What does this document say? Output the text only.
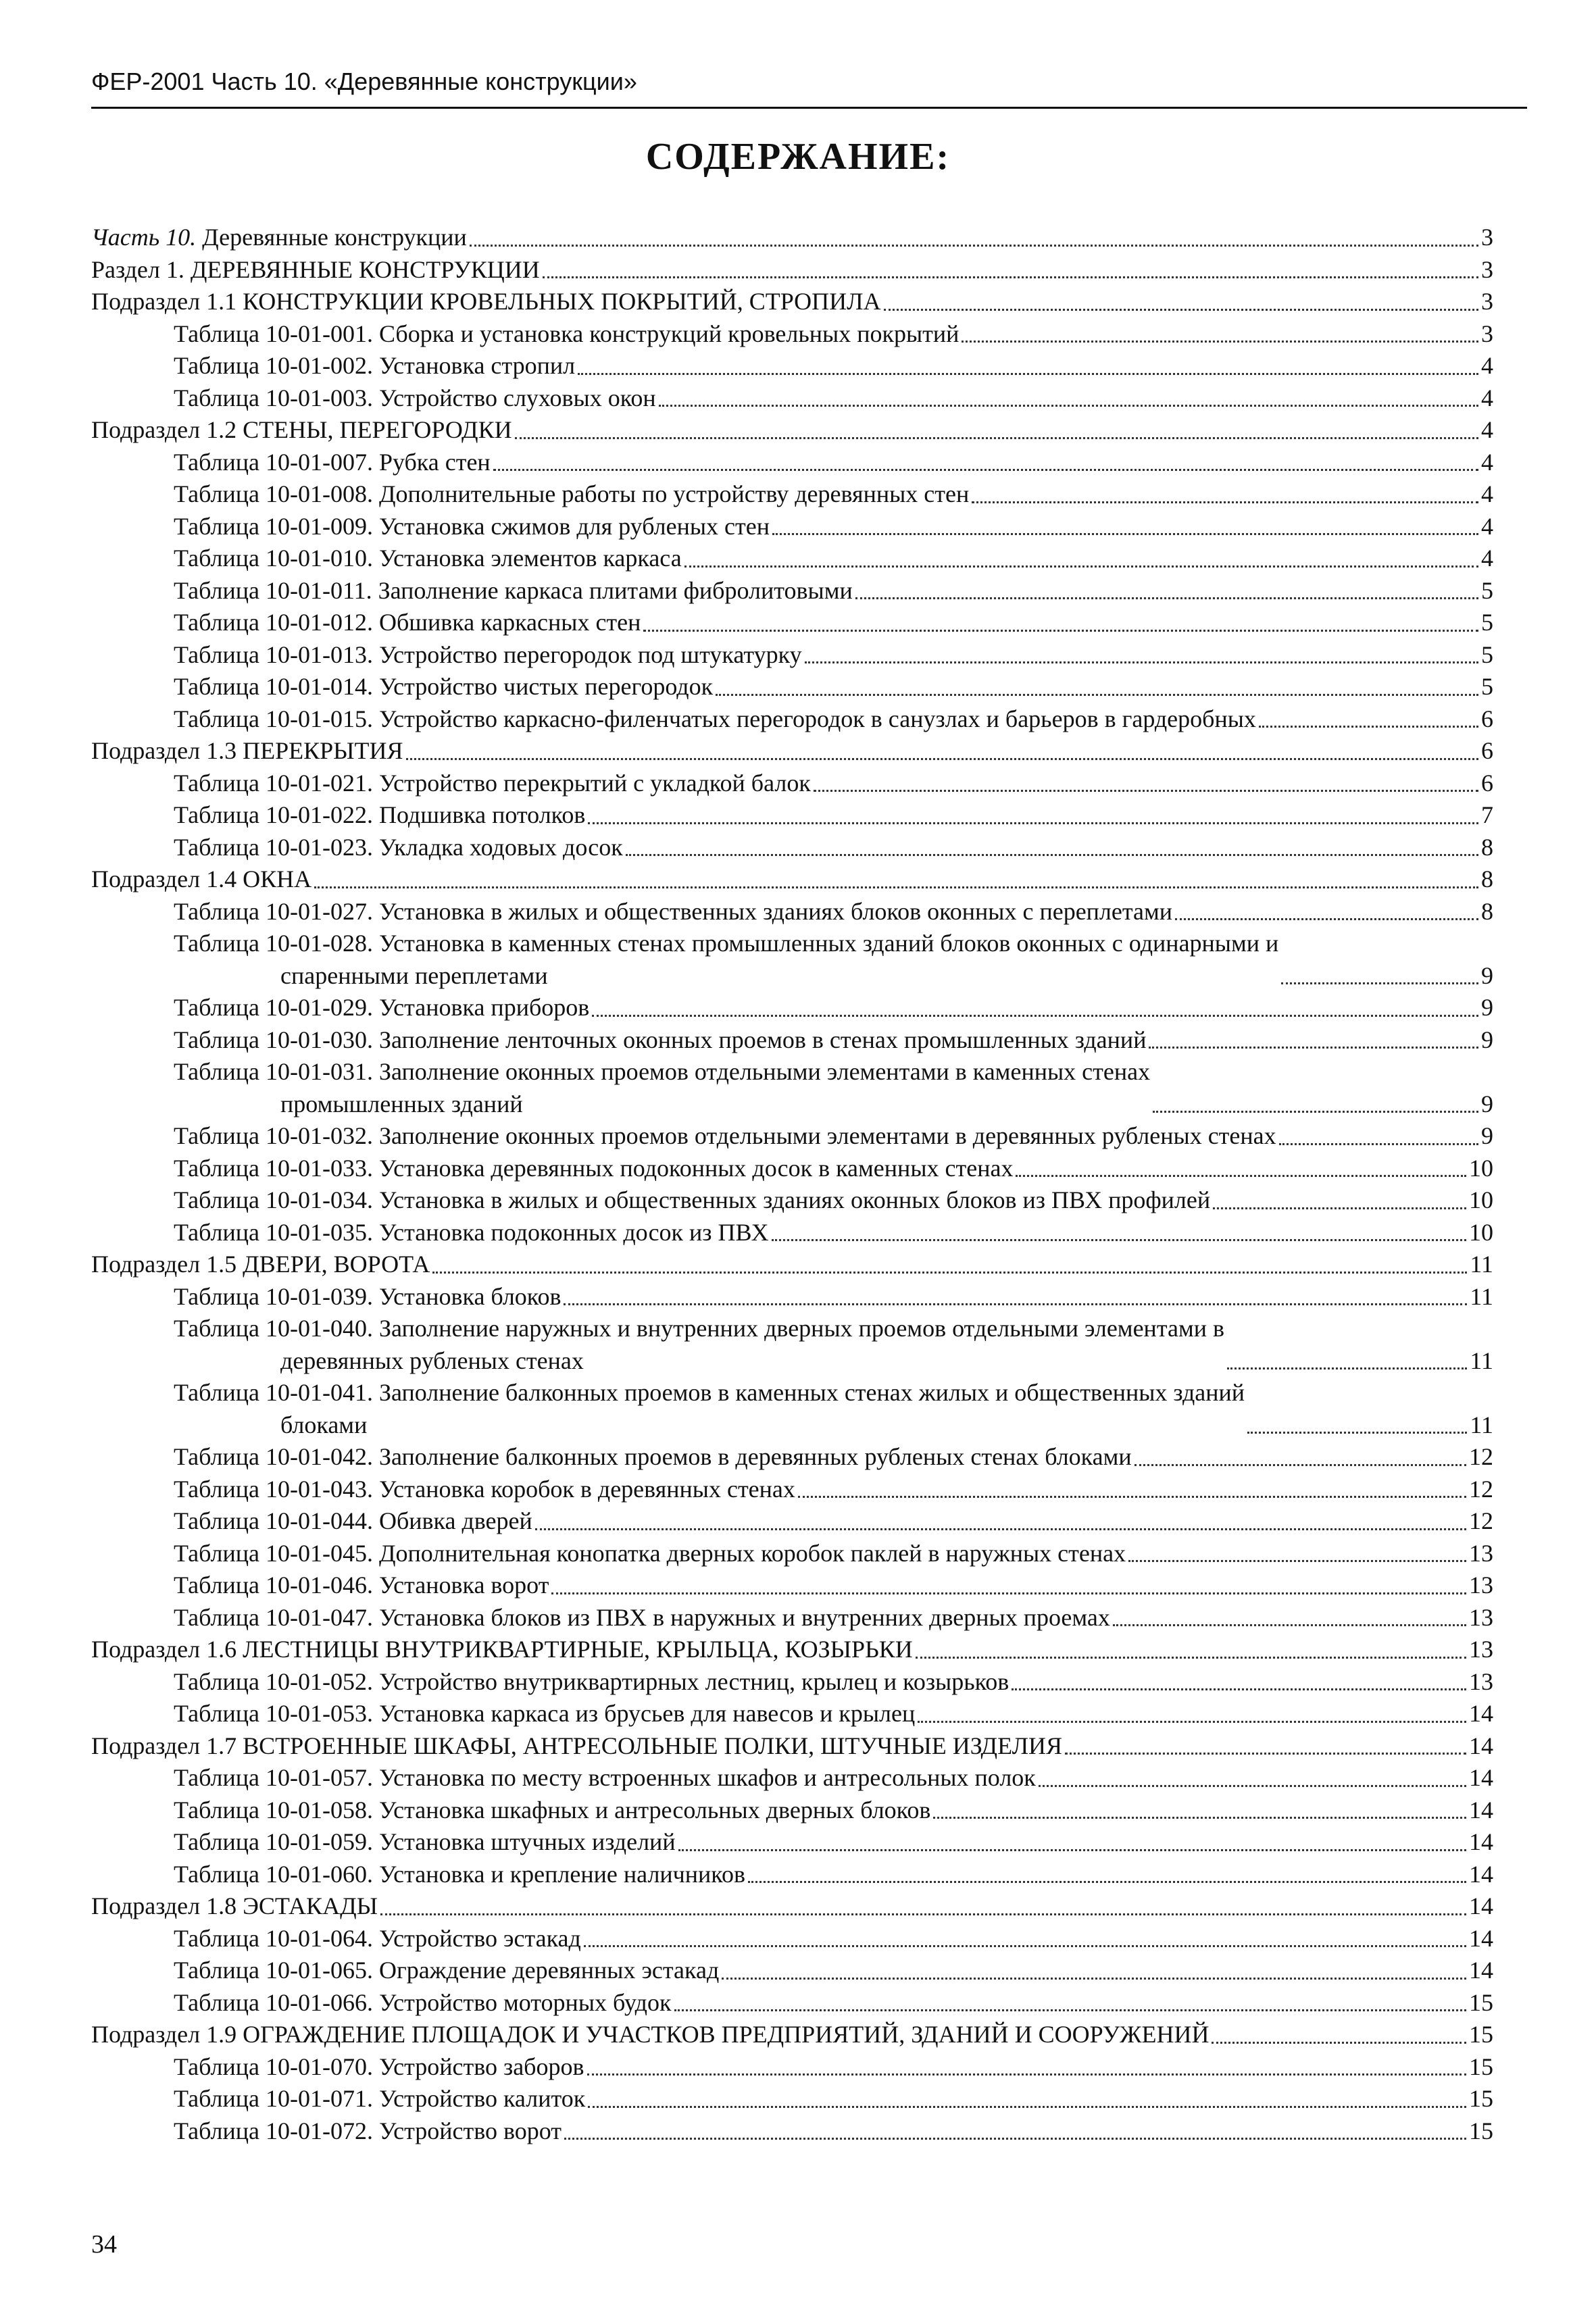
ФЕР-2001 Часть 10. «Деревянные конструкции»
СОДЕРЖАНИЕ:
Часть 10. Деревянные конструкции	3
Раздел 1. ДЕРЕВЯННЫЕ КОНСТРУКЦИИ	3
Подраздел 1.1 КОНСТРУКЦИИ КРОВЕЛЬНЫХ ПОКРЫТИЙ, СТРОПИЛА	3
Таблица 10-01-001. Сборка и установка конструкций кровельных покрытий	3
Таблица 10-01-002. Установка стропил	4
Таблица 10-01-003. Устройство слуховых окон	4
Подраздел 1.2 СТЕНЫ, ПЕРЕГОРОДКИ	4
Таблица 10-01-007. Рубка стен	4
Таблица 10-01-008. Дополнительные работы по устройству деревянных стен	4
Таблица 10-01-009. Установка сжимов для рубленых стен	4
Таблица 10-01-010. Установка элементов каркаса	4
Таблица 10-01-011. Заполнение каркаса плитами фибролитовыми	5
Таблица 10-01-012. Обшивка каркасных стен	5
Таблица 10-01-013. Устройство перегородок под штукатурку	5
Таблица 10-01-014. Устройство чистых перегородок	5
Таблица 10-01-015. Устройство каркасно-филенчатых перегородок в санузлах и барьеров в гардеробных	6
Подраздел 1.3 ПЕРЕКРЫТИЯ	6
Таблица 10-01-021. Устройство перекрытий с укладкой балок	6
Таблица 10-01-022. Подшивка потолков	7
Таблица 10-01-023. Укладка ходовых досок	8
Подраздел 1.4 ОКНА	8
Таблица 10-01-027. Установка в жилых и общественных зданиях блоков оконных с переплетами	8
Таблица 10-01-028. Установка в каменных стенах промышленных зданий блоков оконных с одинарными и
спаренными переплетами	9
Таблица 10-01-029. Установка приборов	9
Таблица 10-01-030. Заполнение ленточных оконных проемов в стенах промышленных зданий	9
Таблица 10-01-031. Заполнение оконных проемов отдельными элементами в каменных стенах
промышленных зданий	9
Таблица 10-01-032. Заполнение оконных проемов отдельными элементами в деревянных рубленых стенах	9
Таблица 10-01-033. Установка деревянных подоконных досок в каменных стенах	10
Таблица 10-01-034. Установка в жилых и общественных зданиях оконных блоков из ПВХ профилей	10
Таблица 10-01-035. Установка подоконных досок из ПВХ	10
Подраздел 1.5 ДВЕРИ, ВОРОТА	11
Таблица 10-01-039. Установка блоков	11
Таблица 10-01-040. Заполнение наружных и внутренних дверных проемов отдельными элементами в
деревянных рубленых стенах	11
Таблица 10-01-041. Заполнение балконных проемов в каменных стенах жилых и общественных зданий
блоками	11
Таблица 10-01-042. Заполнение балконных проемов в деревянных рубленых стенах блоками	12
Таблица 10-01-043. Установка коробок в деревянных стенах	12
Таблица 10-01-044. Обивка дверей	12
Таблица 10-01-045. Дополнительная конопатка дверных коробок паклей в наружных стенах	13
Таблица 10-01-046. Установка ворот	13
Таблица 10-01-047. Установка блоков из ПВХ в наружных и внутренних дверных проемах	13
Подраздел 1.6 ЛЕСТНИЦЫ ВНУТРИКВАРТИРНЫЕ, КРЫЛЬЦА, КОЗЫРЬКИ	13
Таблица 10-01-052. Устройство внутриквартирных лестниц, крылец и козырьков	13
Таблица 10-01-053. Установка каркаса из брусьев для навесов и крылец	14
Подраздел 1.7 ВСТРОЕННЫЕ ШКАФЫ, АНТРЕСОЛЬНЫЕ ПОЛКИ, ШТУЧНЫЕ ИЗДЕЛИЯ	14
Таблица 10-01-057. Установка по месту встроенных шкафов и антресольных полок	14
Таблица 10-01-058. Установка шкафных и антресольных дверных блоков	14
Таблица 10-01-059. Установка штучных изделий	14
Таблица 10-01-060. Установка и крепление наличников	14
Подраздел 1.8 ЭСТАКАДЫ	14
Таблица 10-01-064. Устройство эстакад	14
Таблица 10-01-065. Ограждение деревянных эстакад	14
Таблица 10-01-066. Устройство моторных будок	15
Подраздел 1.9 ОГРАЖДЕНИЕ ПЛОЩАДОК И УЧАСТКОВ ПРЕДПРИЯТИЙ, ЗДАНИЙ И СООРУЖЕНИЙ	15
Таблица 10-01-070. Устройство заборов	15
Таблица 10-01-071. Устройство калиток	15
Таблица 10-01-072. Устройство ворот	15
34
